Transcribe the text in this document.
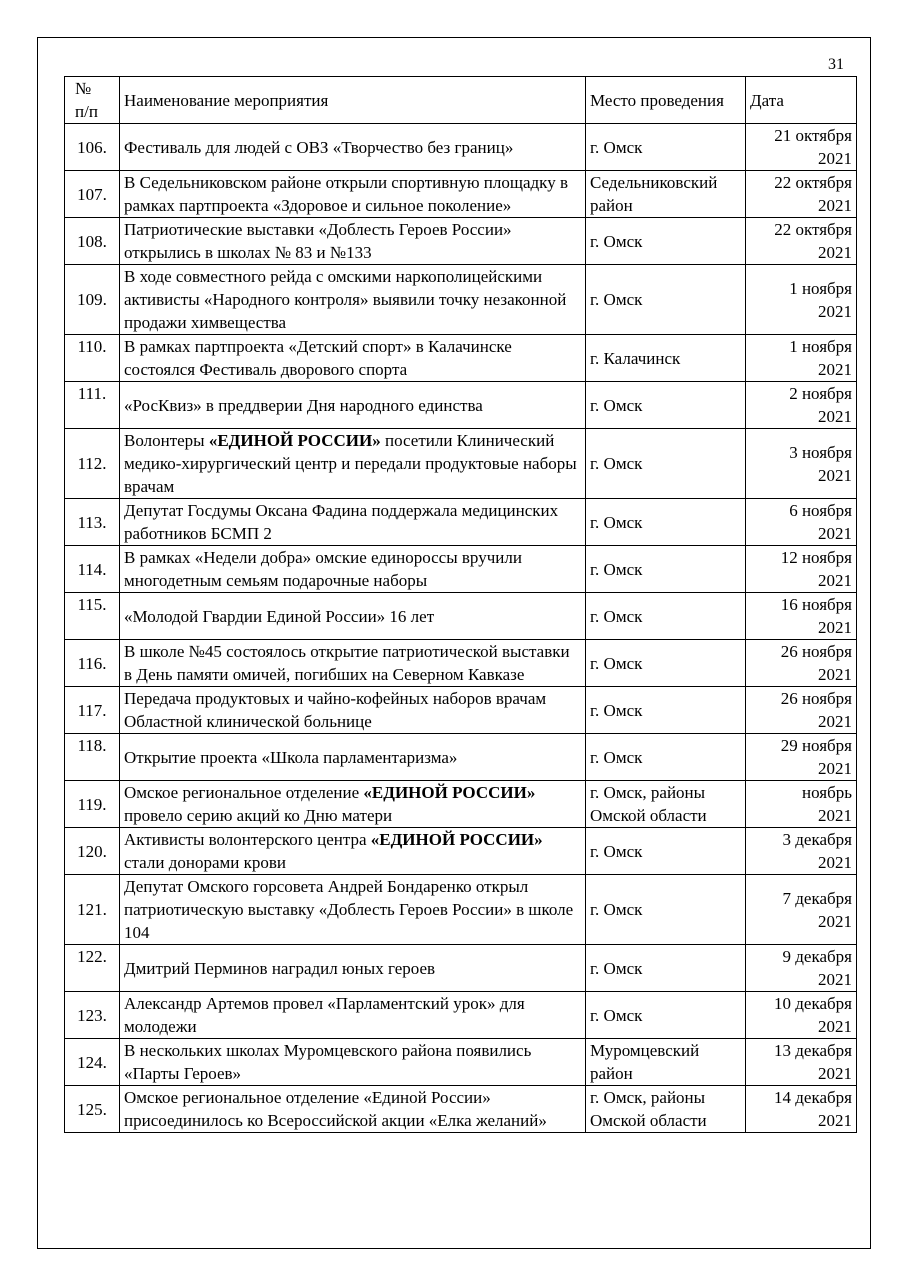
31
№
п/п	Наименование мероприятия	Место проведения	Дата
106.	Фестиваль для людей с ОВЗ «Творчество без границ»	г. Омск	21 октября
2021
107.	В Седельниковском районе открыли спортивную площадку в рамках партпроекта «Здоровое и сильное поколение»	Седельниковский район	22 октября
2021
108.	Патриотические выставки «Доблесть Героев России» открылись в школах № 83 и №133	г. Омск	22 октября
2021
109.	В ходе совместного рейда с омскими наркополицейскими активисты «Народного контроля» выявили точку незаконной продажи химвещества	г. Омск	1 ноября
2021
110.	В рамках партпроекта «Детский спорт» в Калачинске состоялся Фестиваль дворового спорта	г. Калачинск	1 ноября
2021
111.	«РосКвиз» в преддверии Дня народного единства	г. Омск	2 ноября
2021
112.	Волонтеры «ЕДИНОЙ РОССИИ» посетили Клинический медико-хирургический центр и передали продуктовые наборы врачам	г. Омск	3 ноября
2021
113.	Депутат Госдумы Оксана Фадина поддержала медицинских работников БСМП 2	г. Омск	6 ноября
2021
114.	В рамках «Недели добра» омские единороссы вручили многодетным семьям подарочные наборы	г. Омск	12 ноября
2021
115.	«Молодой Гвардии Единой России» 16 лет	г. Омск	16 ноября
2021
116.	В школе №45 состоялось открытие патриотической выставки в День памяти омичей, погибших на Северном Кавказе	г. Омск	26 ноября
2021
117.	Передача продуктовых и чайно-кофейных наборов врачам Областной клинической больнице	г. Омск	26 ноября
2021
118.	Открытие проекта «Школа парламентаризма»	г. Омск	29 ноября
2021
119.	Омское региональное отделение «ЕДИНОЙ РОССИИ» провело серию акций ко Дню матери	г. Омск, районы Омской области	ноябрь
2021
120.	Активисты волонтерского центра «ЕДИНОЙ РОССИИ» стали донорами крови	г. Омск	3 декабря
2021
121.	Депутат Омского горсовета Андрей Бондаренко открыл патриотическую выставку «Доблесть Героев России» в школе 104	г. Омск	7 декабря
2021
122.	Дмитрий Перминов наградил юных героев	г. Омск	9 декабря
2021
123.	Александр Артемов провел «Парламентский урок» для молодежи	г. Омск	10 декабря
2021
124.	В нескольких школах Муромцевского района появились «Парты Героев»	Муромцевский район	13 декабря
2021
125.	Омское региональное отделение «Единой России» присоединилось ко Всероссийской акции «Елка желаний»	г. Омск, районы Омской области	14 декабря
2021
